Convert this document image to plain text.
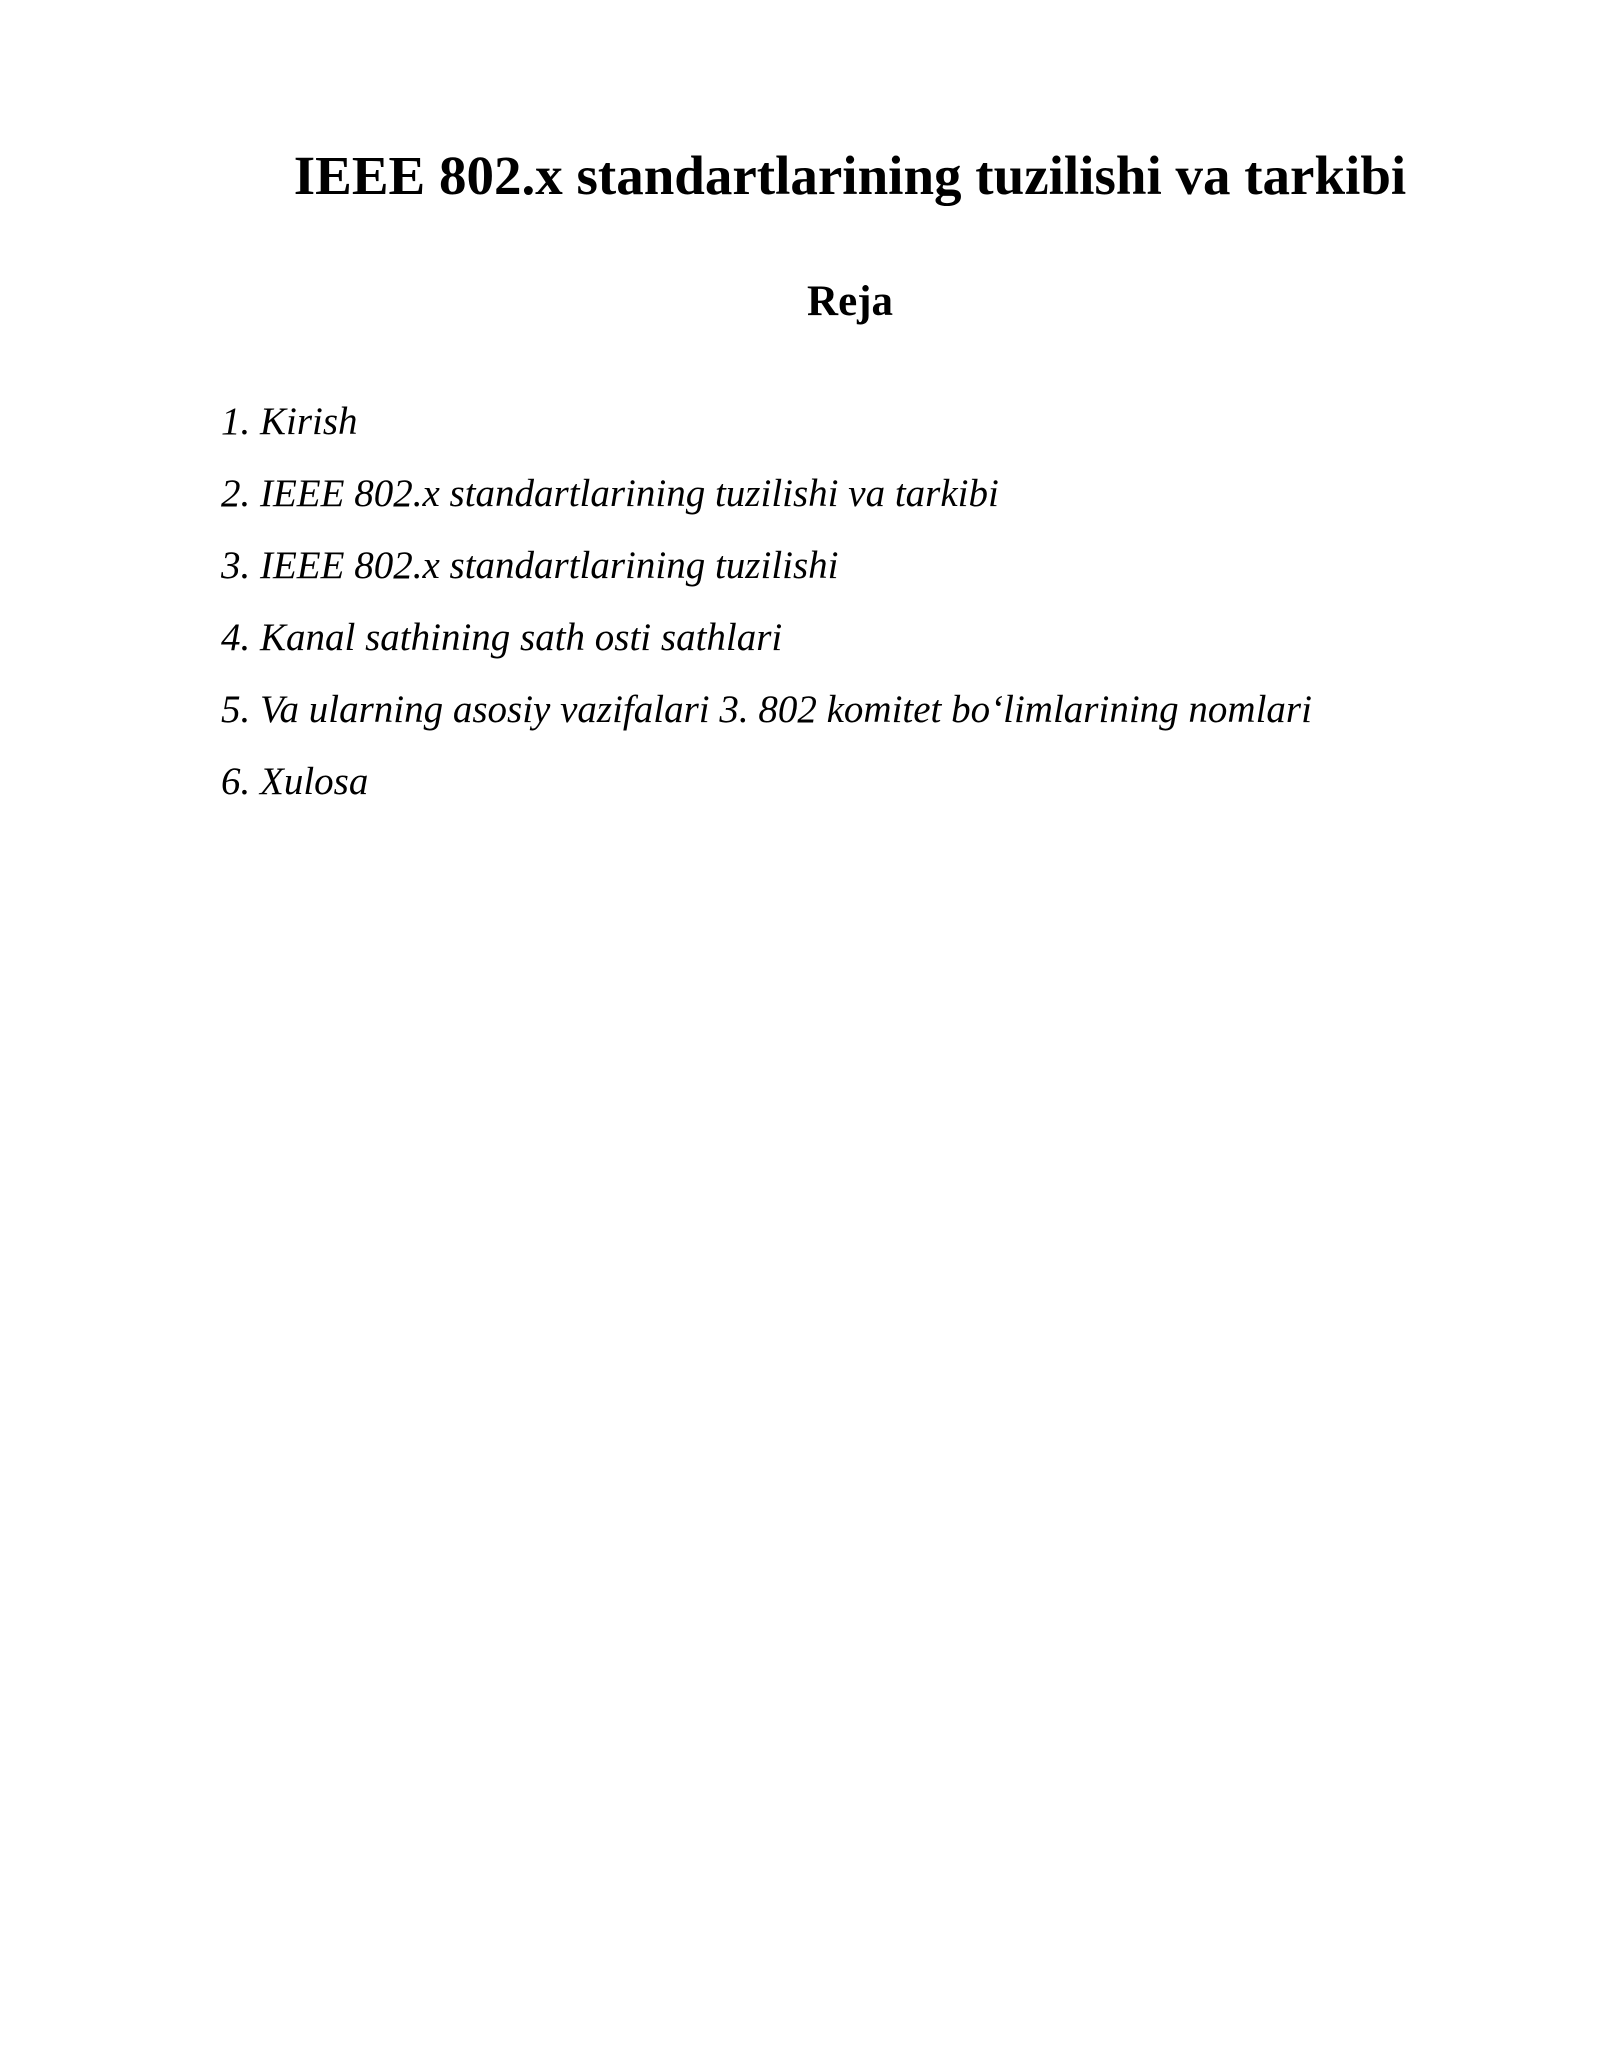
IEEE 802.x standartlarining tuzilishi va tarkibi
Reja
1. Kirish
2. IEEE 802.x standartlarining tuzilishi va tarkibi
3. IEEE 802.x standartlarining tuzilishi
4. Kanal sathining sath osti sathlari
5. Va ularning asosiy vazifalari 3. 802 komitet bo‘limlarining nomlari
6. Xulosa
